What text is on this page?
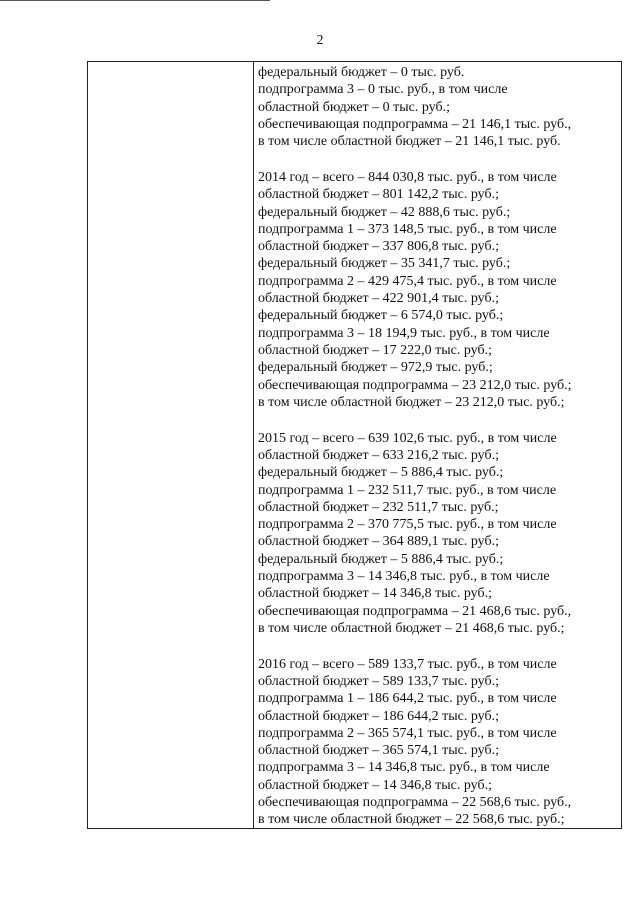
2
федеральный бюджет – 0 тыс. руб.
подпрограмма 3 – 0 тыс. руб., в том числе
областной бюджет – 0 тыс. руб.;
обеспечивающая подпрограмма – 21 146,1 тыс. руб.,
в том числе областной бюджет – 21 146,1 тыс. руб.
2014 год – всего – 844 030,8 тыс. руб., в том числе
областной бюджет – 801 142,2 тыс. руб.;
федеральный бюджет – 42 888,6 тыс. руб.;
подпрограмма 1 – 373 148,5 тыс. руб., в том числе
областной бюджет – 337 806,8 тыс. руб.;
федеральный бюджет – 35 341,7 тыс. руб.;
подпрограмма 2 – 429 475,4 тыс. руб., в том числе
областной бюджет – 422 901,4 тыс. руб.;
федеральный бюджет – 6 574,0 тыс. руб.;
подпрограмма 3 – 18 194,9 тыс. руб., в том числе
областной бюджет – 17 222,0 тыс. руб.;
федеральный бюджет – 972,9 тыс. руб.;
обеспечивающая подпрограмма – 23 212,0 тыс. руб.;
в том числе областной бюджет – 23 212,0 тыс. руб.;
2015 год – всего – 639 102,6 тыс. руб., в том числе
областной бюджет – 633 216,2 тыс. руб.;
федеральный бюджет – 5 886,4 тыс. руб.;
подпрограмма 1 – 232 511,7 тыс. руб., в том числе
областной бюджет – 232 511,7 тыс. руб.;
подпрограмма 2 – 370 775,5 тыс. руб., в том числе
областной бюджет – 364 889,1 тыс. руб.;
федеральный бюджет – 5 886,4 тыс. руб.;
подпрограмма 3 – 14 346,8 тыс. руб., в том числе
областной бюджет – 14 346,8 тыс. руб.;
обеспечивающая подпрограмма – 21 468,6 тыс. руб.,
в том числе областной бюджет – 21 468,6 тыс. руб.;
2016 год – всего – 589 133,7 тыс. руб., в том числе
областной бюджет – 589 133,7 тыс. руб.;
подпрограмма 1 – 186 644,2 тыс. руб., в том числе
областной бюджет – 186 644,2 тыс. руб.;
подпрограмма 2 – 365 574,1 тыс. руб., в том числе
областной бюджет – 365 574,1 тыс. руб.;
подпрограмма 3 – 14 346,8 тыс. руб., в том числе
областной бюджет – 14 346,8 тыс. руб.;
обеспечивающая подпрограмма – 22 568,6 тыс. руб.,
в том числе областной бюджет – 22 568,6 тыс. руб.;
